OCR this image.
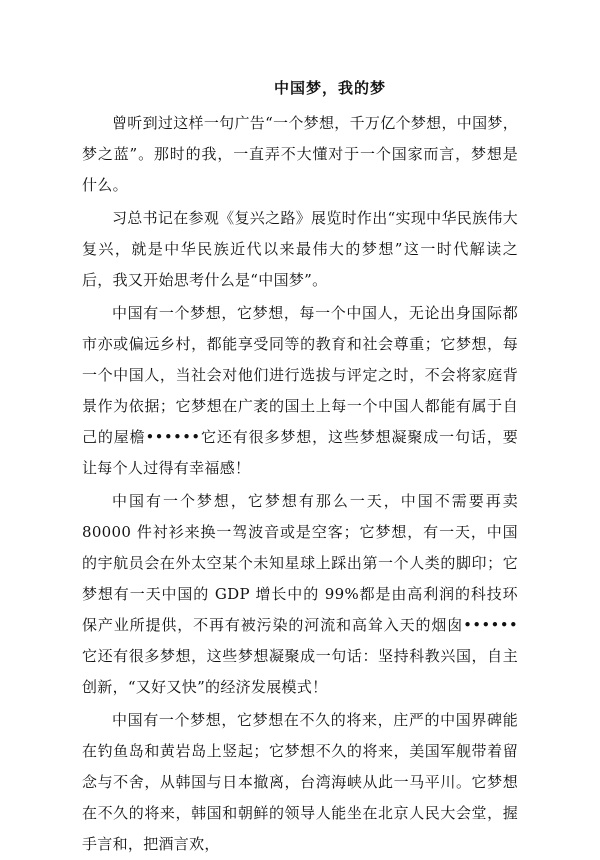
中国梦，我的梦

曾听到过这样一句广告“一个梦想，千万亿个梦想，中国梦，梦之蓝”。那时的我，一直弄不大懂对于一个国家而言，梦想是什么。

习总书记在参观《复兴之路》展览时作出“实现中华民族伟大复兴，就是中华民族近代以来最伟大的梦想”这一时代解读之后，我又开始思考什么是“中国梦”。

中国有一个梦想，它梦想，每一个中国人，无论出身国际都市亦或偏远乡村，都能享受同等的教育和社会尊重；它梦想，每一个中国人，当社会对他们进行选拔与评定之时，不会将家庭背景作为依据；它梦想在广袤的国土上每一个中国人都能有属于自己的屋檐••••••它还有很多梦想，这些梦想凝聚成一句话，要让每个人过得有幸福感！

中国有一个梦想，它梦想有那么一天，中国不需要再卖 80000 件衬衫来换一驾波音或是空客；它梦想，有一天，中国的宇航员会在外太空某个未知星球上踩出第一个人类的脚印；它梦想有一天中国的 GDP 增长中的 99%都是由高利润的科技环保产业所提供，不再有被污染的河流和高耸入天的烟囱••••••它还有很多梦想，这些梦想凝聚成一句话：坚持科教兴国，自主创新，“又好又快”的经济发展模式！

中国有一个梦想，它梦想在不久的将来，庄严的中国界碑能在钓鱼岛和黄岩岛上竖起；它梦想不久的将来，美国军舰带着留念与不舍，从韩国与日本撤离，台湾海峡从此一马平川。它梦想在不久的将来，韩国和朝鲜的领导人能坐在北京人民大会堂，握手言和，把酒言欢，
